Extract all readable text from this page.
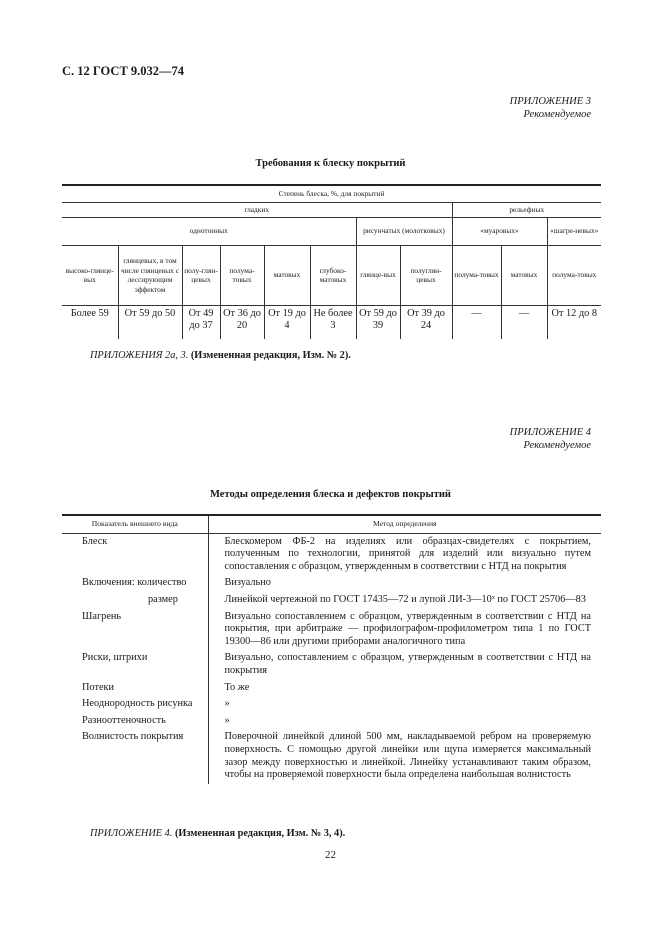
С. 12 ГОСТ 9.032—74
ПРИЛОЖЕНИЕ 3
Рекомендуемое
Требования к блеску покрытий
Степень блеска, %, для покрытий										
гладких								рельефных		
однотонных						рисунчатых (молотковых)		«муаровых»		«шагре-невых»
высоко-глянце-вых	глянцевых, в том числе глянцевых с лессирующим эффектом	полу-глян-цевых	полума-товых	матовых	глубоко-матовых	глянце-вых	полуглян-цевых	полума-товых	матовых	полума-товых
Более 59	От 59 до 50	От 49 до 37	От 36 до 20	От 19 до 4	Не более 3	От 59 до 39	От 39 до 24	—	—	От 12 до 8
ПРИЛОЖЕНИЯ 2а, 3. (Измененная редакция, Изм. № 2).
ПРИЛОЖЕНИЕ 4
Рекомендуемое
Методы определения блеска и дефектов покрытий
Показатель внешнего вида	Метод определения
Блеск	Блескомером ФБ-2 на изделиях или образцах-свидетелях с покрытием, полученным по технологии, принятой для изделий или визуально путем сопоставления с образцом, утвержденным в соответствии с НТД на покрытия
Включения: количество	Визуально
размер	Линейкой чертежной по ГОСТ 17435—72 и лупой ЛИ-3—10ˣ по ГОСТ 25706—83
Шагрень	Визуально сопоставлением с образцом, утвержденным в соответствии с НТД на покрытия, при арбитраже — профилографом-профилометром типа 1 по ГОСТ 19300—86 или другими приборами аналогичного типа
Риски, штрихи	Визуально, сопоставлением с образцом, утвержденным в соответствии с НТД на покрытия
Потеки	То же
Неоднородность рисунка	»
Разнооттеночность	»
Волнистость покрытия	Поверочной линейкой длиной 500 мм, накладываемой ребром на проверяемую поверхность. С помощью другой линейки или щупа измеряется максимальный зазор между поверхностью и линейкой. Линейку устанавливают таким образом, чтобы на проверяемой поверхности была определена наибольшая волнистость
ПРИЛОЖЕНИЕ 4. (Измененная редакция, Изм. № 3, 4).
22
